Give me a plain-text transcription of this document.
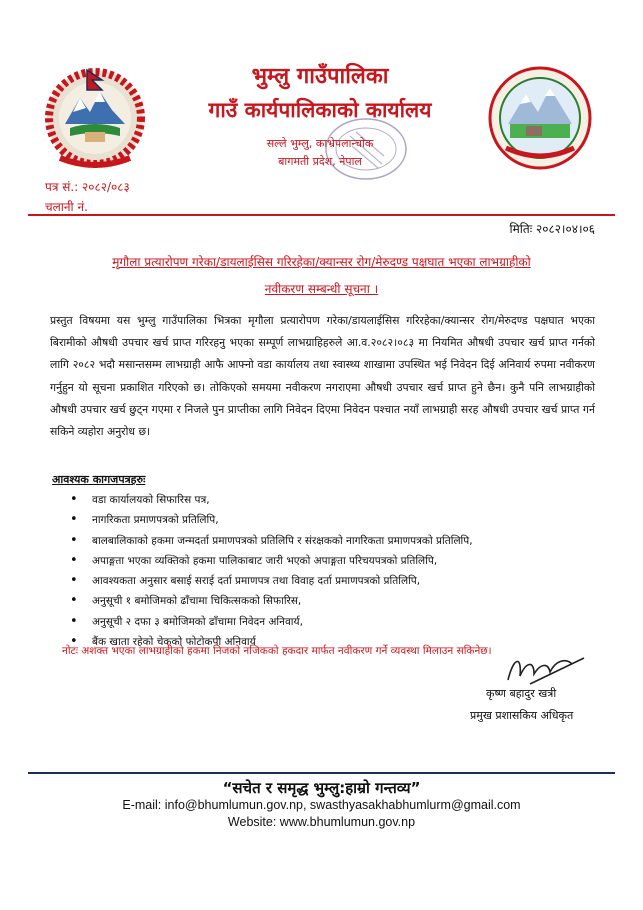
भुम्लु गाउँपालिका
गाउँ कार्यपालिकाको कार्यालय
सल्ले भुम्लु, काभ्रेपलान्चोक
बागमती प्रदेश, नेपाल
पत्र सं.: २०८२/०८३
चलानी नं.
मितिः २०८२।०४।०६
मृगौला प्रत्यारोपण गरेका/डायलाईसिस गरिरहेका/क्यान्सर रोग/मेरुदण्ड पक्षघात भएका लाभग्राहीको
नवीकरण सम्बन्धी सूचना ।
प्रस्तुत विषयमा यस भुम्लु गाउँपालिका भित्रका मृगौला प्रत्यारोपण गरेका/डायलाईसिस गरिरहेका/क्यान्सर रोग/मेरुदण्ड पक्षघात भएका बिरामीको औषधी उपचार खर्च प्राप्त गरिरहनु भएका सम्पूर्ण लाभग्राहिहरुले आ.व.२०८२।०८३ मा नियमित औषधी उपचार खर्च प्राप्त गर्नको लागि २०८२ भदौ मसान्तसम्म लाभग्राही आफै आफ्नो वडा कार्यालय तथा स्वास्थ्य शाखामा उपस्थित भई निवेदन दिई अनिवार्य रुपमा नवीकरण गर्नुहुन यो सूचना प्रकाशित गरिएको छ। तोकिएको समयमा नवीकरण नगराएमा औषधी उपचार खर्च प्राप्त हुने छैन। कुनै पनि लाभग्राहीको औषधी उपचार खर्च छुट्न गएमा र निजले पुन प्राप्तीका लागि निवेदन दिएमा निवेदन पश्चात नयाँ लाभग्राही सरह औषधी उपचार खर्च प्राप्त गर्न सकिने व्यहोरा अनुरोध छ।
आवश्यक कागजपत्रहरुः
• वडा कार्यालयको सिफारिस पत्र,
• नागरिकता प्रमाणपत्रको प्रतिलिपि,
• बालबालिकाको हकमा जन्मदर्ता प्रमाणपत्रको प्रतिलिपि र संरक्षकको नागरिकता प्रमाणपत्रको प्रतिलिपि,
• अपाङ्गता भएका व्यक्तिको हकमा पालिकाबाट जारी भएको अपाङ्गता परिचयपत्रको प्रतिलिपि,
• आवश्यकता अनुसार बसाई सराई दर्ता प्रमाणपत्र तथा विवाह दर्ता प्रमाणपत्रको प्रतिलिपि,
• अनुसूची १ बमोजिमको ढाँचामा चिकित्सकको सिफारिस,
• अनुसूची २ दफा ३ बमोजिमको ढाँचामा निवेदन अनिवार्य,
• बैंक खाता रहेको चेकको फोटोकपी अनिवार्य
नोटः अशक्त भएका लाभग्राहीको हकमा निजको नजिकको हकदार मार्फत नवीकरण गर्ने व्यवस्था मिलाउन सकिनेछ।
कृष्ण बहादुर खत्री
प्रमुख प्रशासकिय अधिकृत
“सचेत र समृद्ध भुम्लु:हाम्रो गन्तव्य”
E-mail: info@bhumlumun.gov.np, swasthyasakhabhumlurm@gmail.com
Website: www.bhumlumun.gov.np
